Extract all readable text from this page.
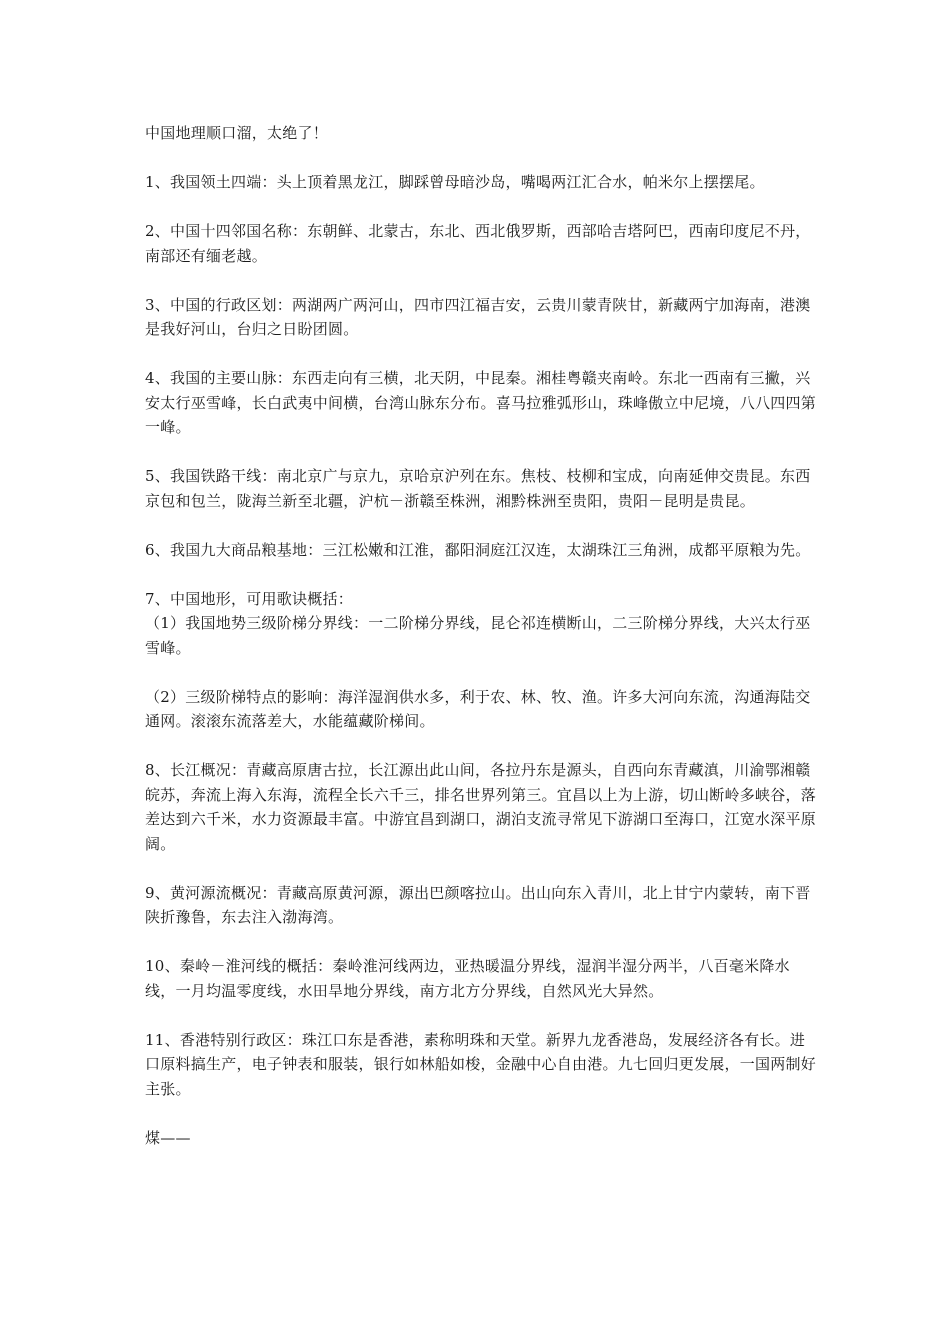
中国地理顺口溜，太绝了！

1、我国领土四端：头上顶着黑龙江，脚踩曾母暗沙岛，嘴喝两江汇合水，帕米尔上摆摆尾。

2、中国十四邻国名称：东朝鲜、北蒙古，东北、西北俄罗斯，西部哈吉塔阿巴，西南印度尼不丹，南部还有缅老越。

3、中国的行政区划：两湖两广两河山，四市四江福吉安，云贵川蒙青陕甘，新藏两宁加海南，港澳是我好河山，台归之日盼团圆。

4、我国的主要山脉：东西走向有三横，北天阴，中昆秦。湘桂粤赣夹南岭。东北一西南有三撇，兴安太行巫雪峰，长白武夷中间横，台湾山脉东分布。喜马拉雅弧形山，珠峰傲立中尼境，八八四四第一峰。

5、我国铁路干线：南北京广与京九，京哈京沪列在东。焦枝、枝柳和宝成，向南延伸交贵昆。东西京包和包兰，陇海兰新至北疆，沪杭－浙赣至株洲，湘黔株洲至贵阳，贵阳－昆明是贵昆。

6、我国九大商品粮基地：三江松嫩和江淮，鄱阳洞庭江汉连，太湖珠江三角洲，成都平原粮为先。

7、中国地形，可用歌诀概括：

（1）我国地势三级阶梯分界线：一二阶梯分界线，昆仑祁连横断山，二三阶梯分界线，大兴太行巫雪峰。

（2）三级阶梯特点的影响：海洋湿润供水多，利于农、林、牧、渔。许多大河向东流，沟通海陆交通网。滚滚东流落差大，水能蕴藏阶梯间。

8、长江概况：青藏高原唐古拉，长江源出此山间，各拉丹东是源头，自西向东青藏滇，川渝鄂湘赣皖苏，奔流上海入东海，流程全长六千三，排名世界列第三。宜昌以上为上游，切山断岭多峡谷，落差达到六千米，水力资源最丰富。中游宜昌到湖口，湖泊支流寻常见下游湖口至海口，江宽水深平原阔。

9、黄河源流概况：青藏高原黄河源，源出巴颜喀拉山。出山向东入青川，北上甘宁内蒙转，南下晋陕折豫鲁，东去注入渤海湾。

10、秦岭－淮河线的概括：秦岭淮河线两边，亚热暖温分界线，湿润半湿分两半，八百毫米降水线，一月均温零度线，水田旱地分界线，南方北方分界线，自然风光大异然。

11、香港特别行政区：珠江口东是香港，素称明珠和天堂。新界九龙香港岛，发展经济各有长。进口原料搞生产，电子钟表和服装，银行如林船如梭，金融中心自由港。九七回归更发展，一国两制好主张。

煤——
